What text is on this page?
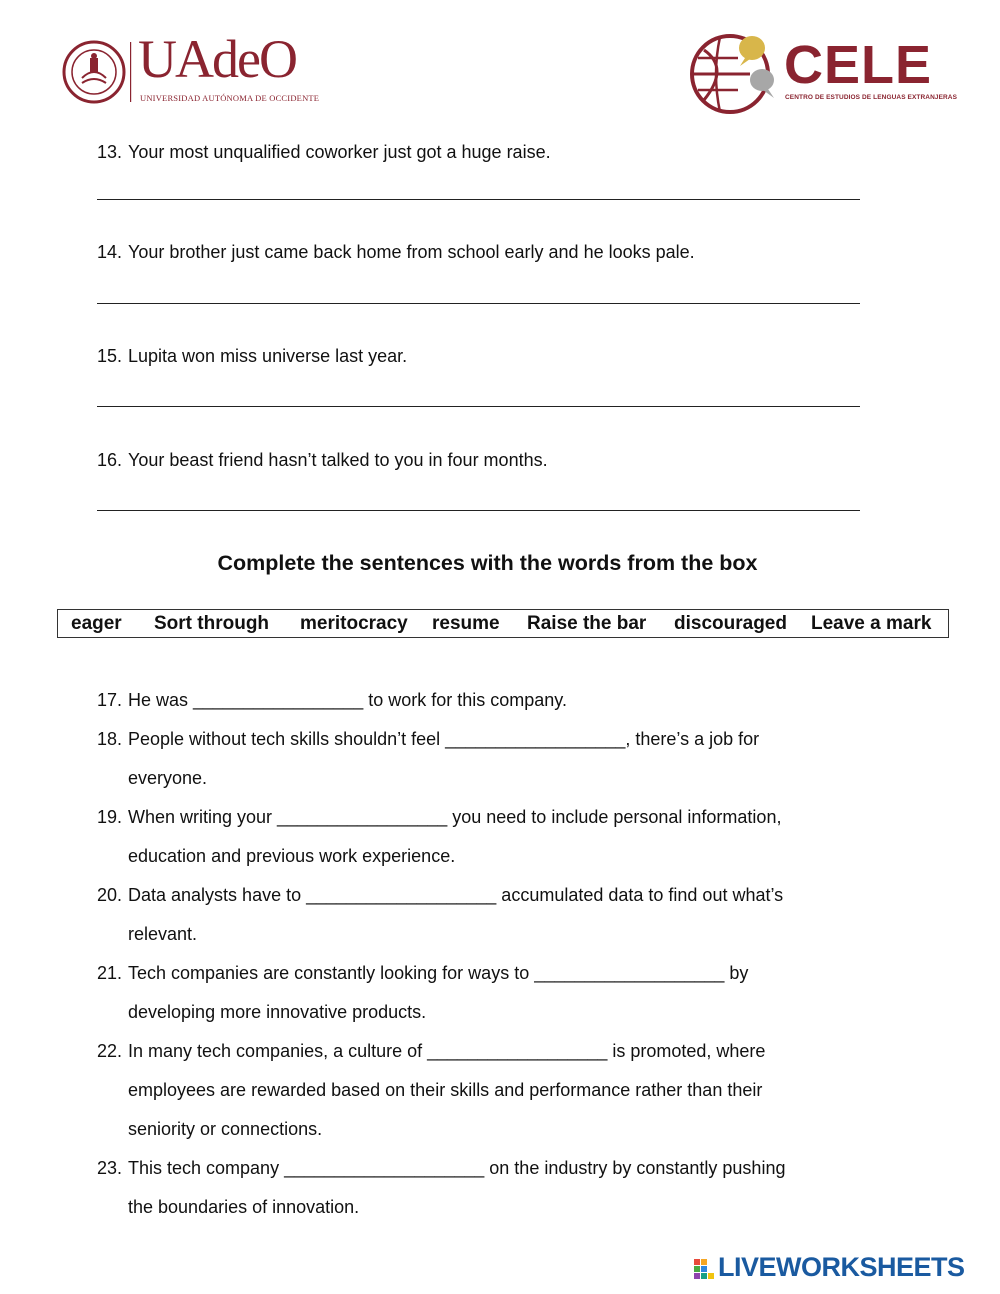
UAdeO
UNIVERSIDAD AUTÓNOMA DE OCCIDENTE
CELE
CENTRO DE ESTUDIOS DE LENGUAS EXTRANJERAS
13. Your most unqualified coworker just got a huge raise.
14. Your brother just came back home from school early and he looks pale.
15. Lupita won miss universe last year.
16. Your beast friend hasn’t talked to you in four months.
Complete the sentences with the words from the box
eager Sort through meritocracy resume Raise the bar discouraged Leave a mark
17. He was _________________ to work for this company.
18. People without tech skills shouldn’t feel __________________, there’s a job for
everyone.
19. When writing your _________________ you need to include personal information,
education and previous work experience.
20. Data analysts have to ___________________ accumulated data to find out what’s
relevant.
21. Tech companies are constantly looking for ways to ___________________ by
developing more innovative products.
22. In many tech companies, a culture of __________________ is promoted, where
employees are rewarded based on their skills and performance rather than their
seniority or connections.
23. This tech company ____________________ on the industry by constantly pushing
the boundaries of innovation.
LIVEWORKSHEETS
